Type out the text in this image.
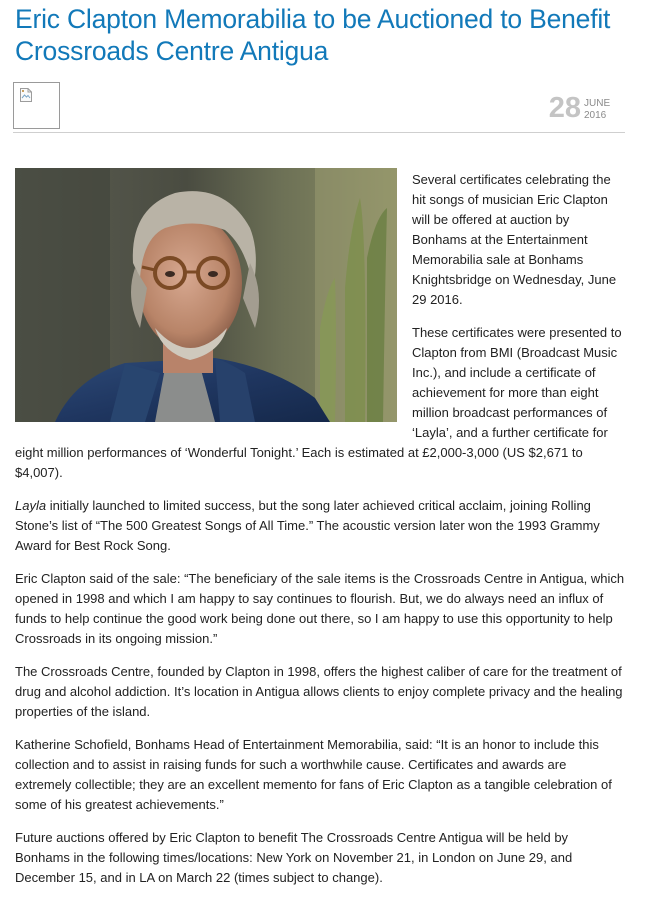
Eric Clapton Memorabilia to be Auctioned to Benefit Crossroads Centre Antigua
28 JUNE
2016

Several certificates celebrating the hit songs of musician Eric Clapton will be offered at auction by Bonhams at the Entertainment Memorabilia sale at Bonhams Knightsbridge on Wednesday, June 29 2016.

These certificates were presented to Clapton from BMI (Broadcast Music Inc.), and include a certificate of achievement for more than eight million broadcast performances of ‘Layla’, and a further certificate for eight million performances of ‘Wonderful Tonight.’ Each is estimated at £2,000-3,000 (US $2,671 to $4,007).

Layla initially launched to limited success, but the song later achieved critical acclaim, joining Rolling Stone’s list of “The 500 Greatest Songs of All Time.” The acoustic version later won the 1993 Grammy Award for Best Rock Song.

Eric Clapton said of the sale: “The beneficiary of the sale items is the Crossroads Centre in Antigua, which opened in 1998 and which I am happy to say continues to flourish. But, we do always need an influx of funds to help continue the good work being done out there, so I am happy to use this opportunity to help Crossroads in its ongoing mission.”

The Crossroads Centre, founded by Clapton in 1998, offers the highest caliber of care for the treatment of drug and alcohol addiction. It’s location in Antigua allows clients to enjoy complete privacy and the healing properties of the island.

Katherine Schofield, Bonhams Head of Entertainment Memorabilia, said: “It is an honor to include this collection and to assist in raising funds for such a worthwhile cause. Certificates and awards are extremely collectible; they are an excellent memento for fans of Eric Clapton as a tangible celebration of some of his greatest achievements.”

Future auctions offered by Eric Clapton to benefit The Crossroads Centre Antigua will be held by Bonhams in the following times/locations: New York on November 21, in London on June 29, and December 15, and in LA on March 22 (times subject to change).
